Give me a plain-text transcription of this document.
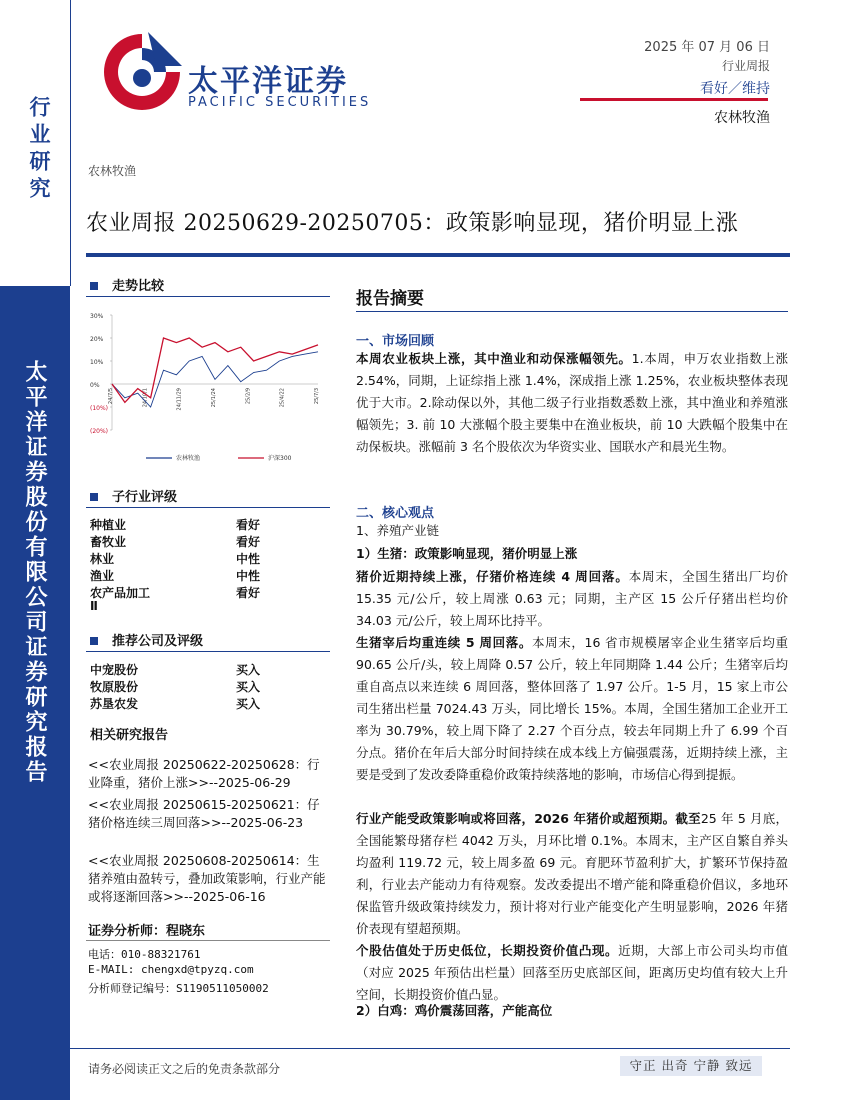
行业研究
太平洋证券股份有限公司证券研究报告
太平洋证券
PACIFIC SECURITIES
2025 年 07 月 06 日
行业周报
看好／维持
农林牧渔
农林牧渔
农业周报 20250629-20250705：政策影响显现，猪价明显上涨
走势比较
30%
20%
10%
0%
(10%)
(20%)
24/7/5	24/10/1	24/11/29	25/1/24	25/2/9	25/4/22	25/7/3
农林牧渔	沪深300
子行业评级
种植业	看好
畜牧业	看好
林业	中性
渔业	中性
农产品加工	看好
Ⅱ
推荐公司及评级
中宠股份	买入
牧原股份	买入
苏垦农发	买入
相关研究报告
<<农业周报 20250622-20250628：行业降重，猪价上涨>>--2025-06-29
<<农业周报 20250615-20250621：仔猪价格连续三周回落>>--2025-06-23
<<农业周报 20250608-20250614：生猪养殖由盈转亏，叠加政策影响，行业产能或将逐渐回落>>--2025-06-16
证券分析师：程晓东
电话：010-88321761
E-MAIL: chengxd@tpyzq.com
分析师登记编号：S1190511050002
报告摘要
一、市场回顾
本周农业板块上涨，其中渔业和动保涨幅领先。1.本周，申万农业指数上涨 2.54%，同期，上证综指上涨 1.4%，深成指上涨 1.25%，农业板块整体表现优于大市。2.除动保以外，其他二级子行业指数悉数上涨，其中渔业和养殖涨幅领先；3. 前 10 大涨幅个股主要集中在渔业板块，前 10 大跌幅个股集中在动保板块。涨幅前 3 名个股依次为华资实业、国联水产和晨光生物。
二、核心观点
1、养殖产业链
1）生猪：政策影响显现，猪价明显上涨
猪价近期持续上涨，仔猪价格连续 4 周回落。本周末，全国生猪出厂均价 15.35 元/公斤，较上周涨 0.63 元；同期，主产区 15 公斤仔猪出栏均价 34.03 元/公斤，较上周环比持平。
生猪宰后均重连续 5 周回落。本周末，16 省市规模屠宰企业生猪宰后均重 90.65 公斤/头，较上周降 0.57 公斤，较上年同期降 1.44 公斤；生猪宰后均重自高点以来连续 6 周回落，整体回落了 1.97 公斤。1-5 月，15 家上市公司生猪出栏量 7024.43 万头，同比增长 15%。本周，全国生猪加工企业开工率为 30.79%，较上周下降了 2.27 个百分点，较去年同期上升了 6.99 个百分点。猪价在年后大部分时间持续在成本线上方偏强震荡，近期持续上涨，主要是受到了发改委降重稳价政策持续落地的影响，市场信心得到提振。
行业产能受政策影响或将回落，2026 年猪价或超预期。截至25 年 5 月底，全国能繁母猪存栏 4042 万头，月环比增 0.1%。本周末，主产区自繁自养头均盈利 119.72 元，较上周多盈 69 元。育肥环节盈利扩大，扩繁环节保持盈利，行业去产能动力有待观察。发改委提出不增产能和降重稳价倡议，多地环保监管升级政策持续发力，预计将对行业产能变化产生明显影响，2026 年猪价表现有望超预期。
个股估值处于历史低位，长期投资价值凸现。近期，大部上市公司头均市值（对应 2025 年预估出栏量）回落至历史底部区间，距离历史均值有较大上升空间，长期投资价值凸显。
2）白鸡：鸡价震荡回落，产能高位
请务必阅读正文之后的免责条款部分	守正 出奇 宁静 致远
